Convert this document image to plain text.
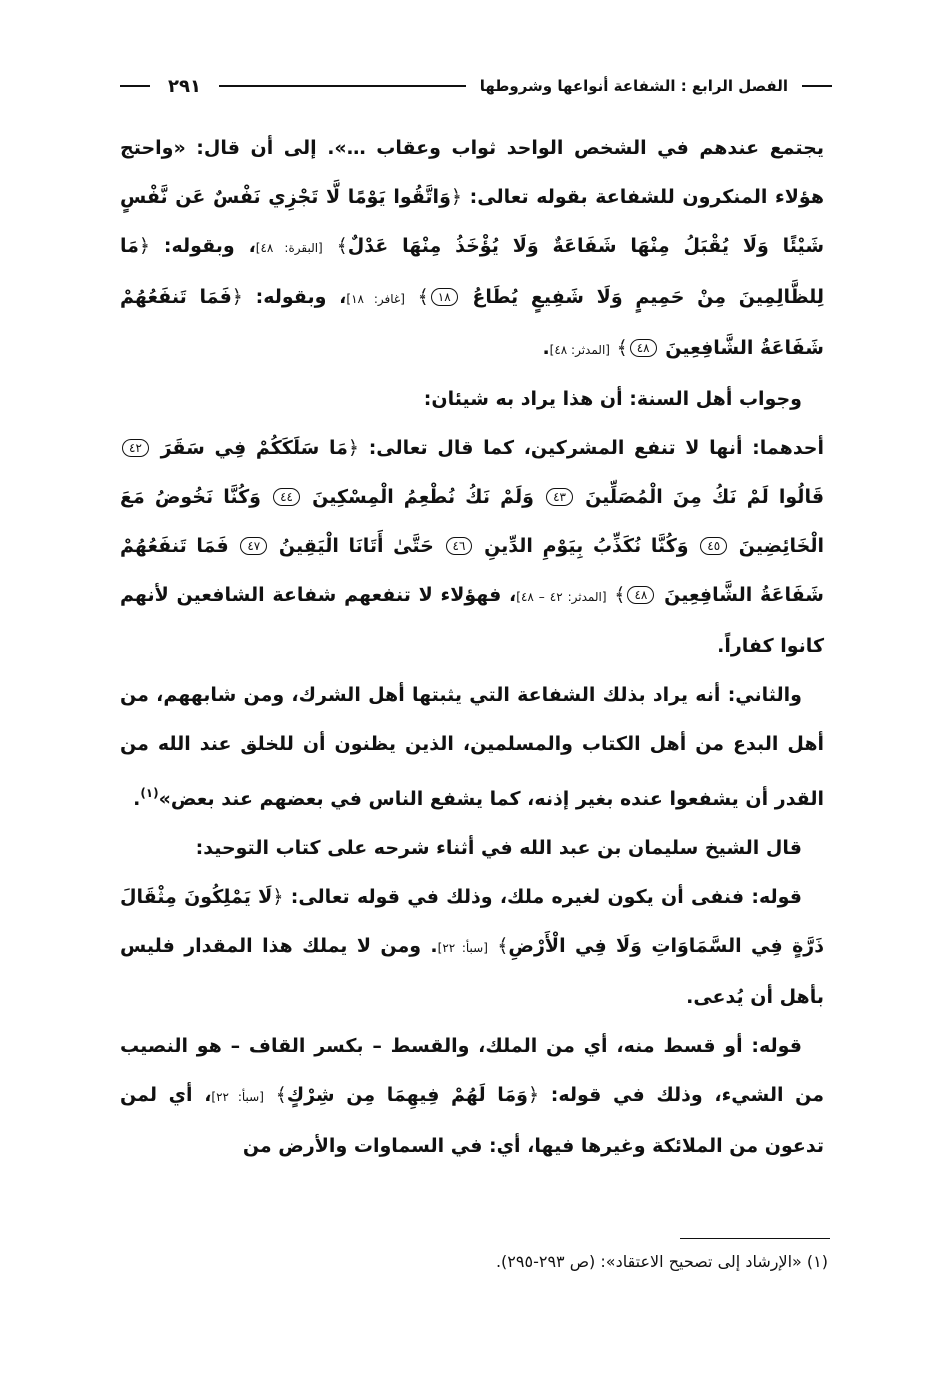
الفصل الرابع : الشفاعة أنواعها وشروطها
٢٩١

يجتمع عندهم في الشخص الواحد ثواب وعقاب …». إلى أن قال: «واحتج هؤلاء المنكرون للشفاعة بقوله تعالى: ﴿وَاتَّقُوا يَوْمًا لَّا تَجْزِي نَفْسٌ عَن نَّفْسٍ شَيْئًا وَلَا يُقْبَلُ مِنْهَا شَفَاعَةٌ وَلَا يُؤْخَذُ مِنْهَا عَدْلٌ﴾ [البقرة: ٤٨]، وبقوله: ﴿مَا لِلظَّالِمِينَ مِنْ حَمِيمٍ وَلَا شَفِيعٍ يُطَاعُ ١٨﴾ [غافر: ١٨]، وبقوله: ﴿فَمَا تَنفَعُهُمْ شَفَاعَةُ الشَّافِعِينَ ٤٨﴾ [المدثر: ٤٨].

وجواب أهل السنة: أن هذا يراد به شيئان:

أحدهما: أنها لا تنفع المشركين، كما قال تعالى: ﴿مَا سَلَكَكُمْ فِي سَقَرَ ٤٢ قَالُوا لَمْ نَكُ مِنَ الْمُصَلِّينَ ٤٣ وَلَمْ نَكُ نُطْعِمُ الْمِسْكِينَ ٤٤ وَكُنَّا نَخُوضُ مَعَ الْخَائِضِينَ ٤٥ وَكُنَّا نُكَذِّبُ بِيَوْمِ الدِّينِ ٤٦ حَتَّىٰ أَتَانَا الْيَقِينُ ٤٧ فَمَا تَنفَعُهُمْ شَفَاعَةُ الشَّافِعِينَ ٤٨﴾ [المدثر: ٤٢ – ٤٨]، فهؤلاء لا تنفعهم شفاعة الشافعين لأنهم كانوا كفاراً.

والثاني: أنه يراد بذلك الشفاعة التي يثبتها أهل الشرك، ومن شابههم، من أهل البدع من أهل الكتاب والمسلمين، الذين يظنون أن للخلق عند الله من القدر أن يشفعوا عنده بغير إذنه، كما يشفع الناس في بعضهم عند بعض»$^{(١)}$.

قال الشيخ سليمان بن عبد الله في أثناء شرحه على كتاب التوحيد:

قوله: فنفى أن يكون لغيره ملك، وذلك في قوله تعالى: ﴿لَا يَمْلِكُونَ مِثْقَالَ ذَرَّةٍ فِي السَّمَاوَاتِ وَلَا فِي الْأَرْضِ﴾ [سبأ: ٢٢]. ومن لا يملك هذا المقدار فليس بأهل أن يُدعى.

قوله: أو قسط منه، أي من الملك، والقسط – بكسر القاف – هو النصيب من الشيء، وذلك في قوله: ﴿وَمَا لَهُمْ فِيهِمَا مِن شِرْكٍ﴾ [سبأ: ٢٢]، أي لمن تدعون من الملائكة وغيرها فيها، أي: في السماوات والأرض من

(١) «الإرشاد إلى تصحيح الاعتقاد»: (ص ٢٩٣-٢٩٥).
